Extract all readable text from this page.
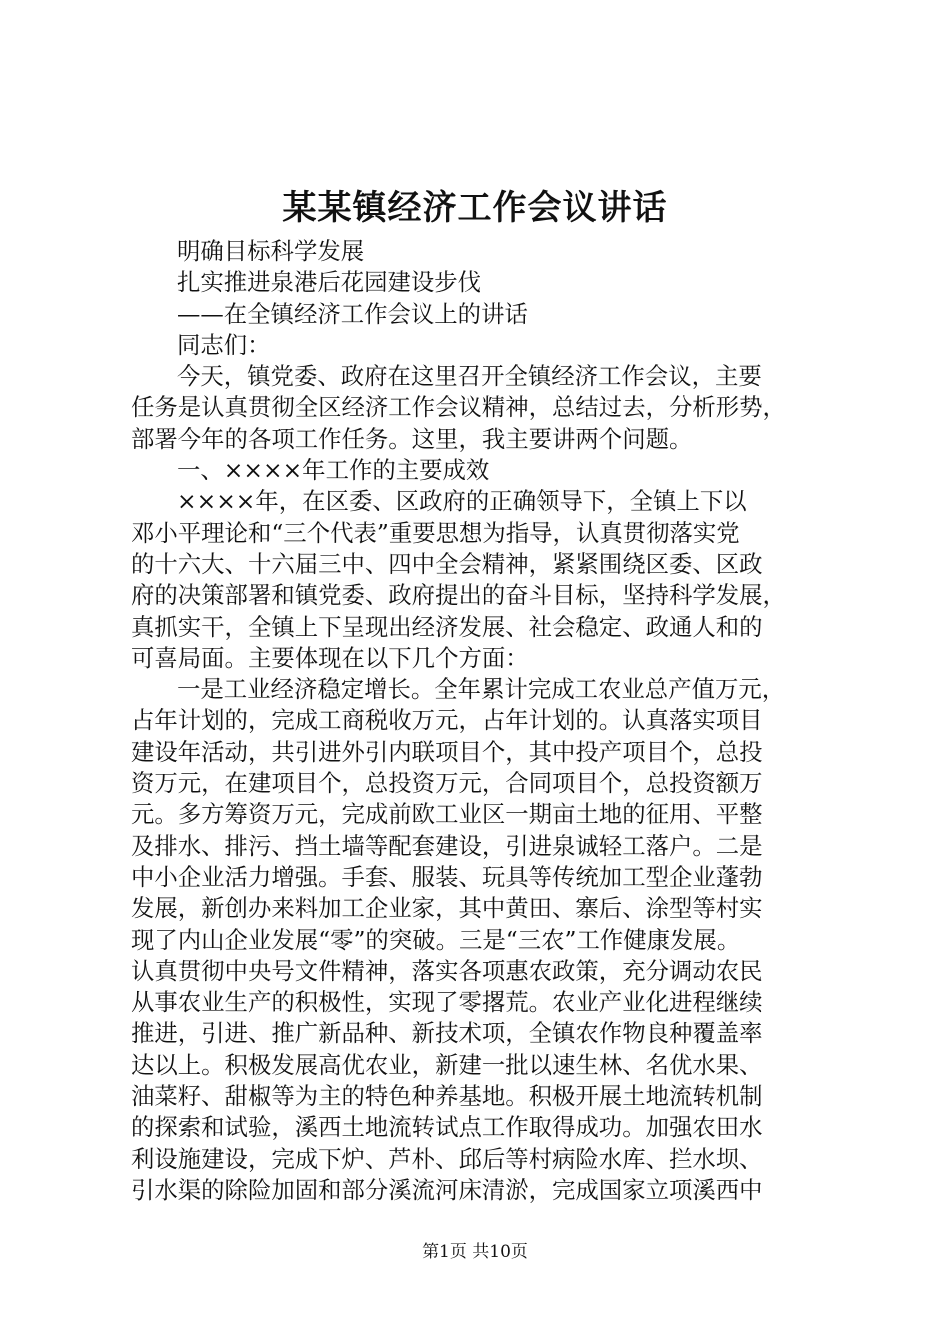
某某镇经济工作会议讲话
明确目标科学发展
扎实推进泉港后花园建设步伐
——在全镇经济工作会议上的讲话
同志们：
今天，镇党委、政府在这里召开全镇经济工作会议，主要
任务是认真贯彻全区经济工作会议精神，总结过去，分析形势，
部署今年的各项工作任务。这里，我主要讲两个问题。
一、××××年工作的主要成效
××××年，在区委、区政府的正确领导下，全镇上下以
邓小平理论和“三个代表”重要思想为指导，认真贯彻落实党
的十六大、十六届三中、四中全会精神，紧紧围绕区委、区政
府的决策部署和镇党委、政府提出的奋斗目标，坚持科学发展，
真抓实干，全镇上下呈现出经济发展、社会稳定、政通人和的
可喜局面。主要体现在以下几个方面：
一是工业经济稳定增长。全年累计完成工农业总产值万元，
占年计划的，完成工商税收万元，占年计划的。认真落实项目
建设年活动，共引进外引内联项目个，其中投产项目个，总投
资万元，在建项目个，总投资万元，合同项目个，总投资额万
元。多方筹资万元，完成前欧工业区一期亩土地的征用、平整
及排水、排污、挡土墙等配套建设，引进泉诚轻工落户。二是
中小企业活力增强。手套、服装、玩具等传统加工型企业蓬勃
发展，新创办来料加工企业家，其中黄田、寨后、涂型等村实
现了内山企业发展“零”的突破。三是“三农”工作健康发展。
认真贯彻中央号文件精神，落实各项惠农政策，充分调动农民
从事农业生产的积极性，实现了零撂荒。农业产业化进程继续
推进，引进、推广新品种、新技术项，全镇农作物良种覆盖率
达以上。积极发展高优农业，新建一批以速生林、名优水果、
油菜籽、甜椒等为主的特色种养基地。积极开展土地流转机制
的探索和试验，溪西土地流转试点工作取得成功。加强农田水
利设施建设，完成下炉、芦朴、邱后等村病险水库、拦水坝、
引水渠的除险加固和部分溪流河床清淤，完成国家立项溪西中
第1页 共10页
